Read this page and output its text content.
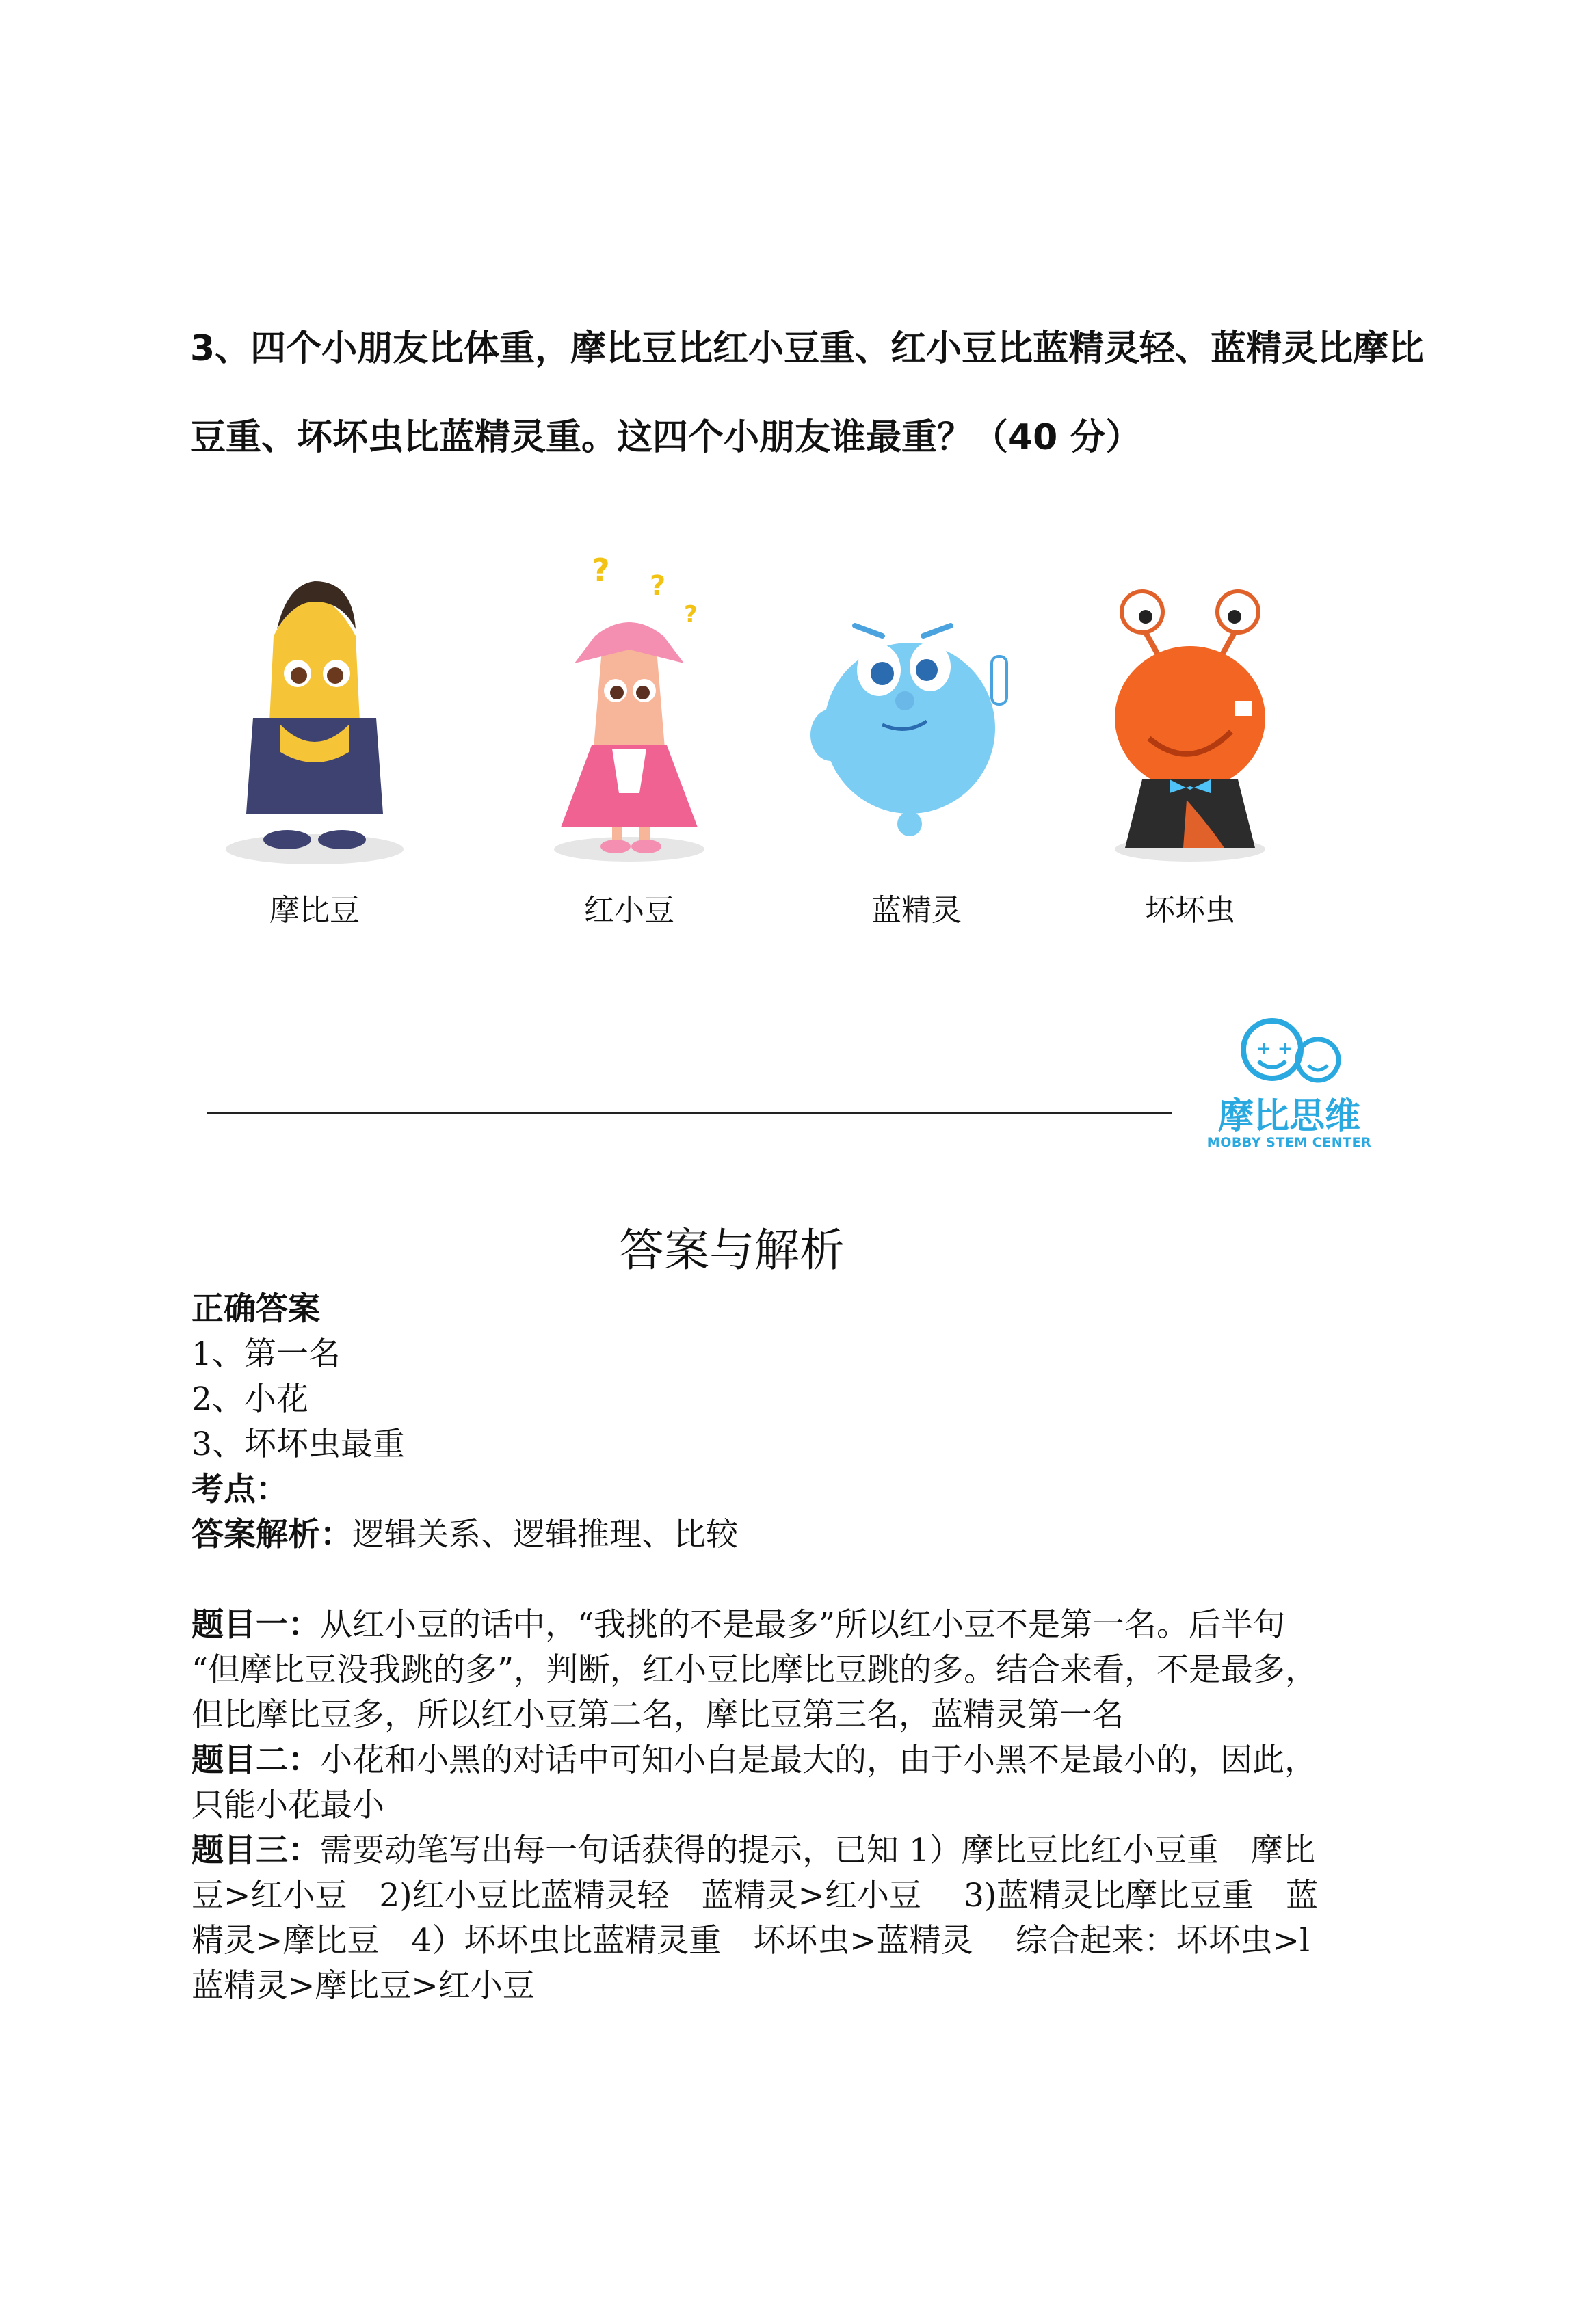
3、四个小朋友比体重，摩比豆比红小豆重、红小豆比蓝精灵轻、蓝精灵比摩比
豆重、坏坏虫比蓝精灵重。这四个小朋友谁最重？（40 分）
摩比豆
? ?
?
红小豆	蓝精灵	坏坏虫
+ +
摩比思维
MOBBY STEM CENTER
答案与解析
正确答案
1、第一名
2、小花
3、坏坏虫最重
考点：
答案解析：逻辑关系、逻辑推理、比较
题目一：从红小豆的话中，“我挑的不是最多”所以红小豆不是第一名。后半句
“但摩比豆没我跳的多”，判断，红小豆比摩比豆跳的多。结合来看，不是最多，
但比摩比豆多，所以红小豆第二名，摩比豆第三名，蓝精灵第一名
题目二：小花和小黑的对话中可知小白是最大的，由于小黑不是最小的，因此，
只能小花最小
题目三：需要动笔写出每一句话获得的提示，已知 1）摩比豆比红小豆重　摩比
豆>红小豆　2)红小豆比蓝精灵轻　蓝精灵>红小豆　 3)蓝精灵比摩比豆重　蓝
精灵>摩比豆　4）坏坏虫比蓝精灵重　坏坏虫>蓝精灵　 综合起来：坏坏虫>l
蓝精灵>摩比豆>红小豆
